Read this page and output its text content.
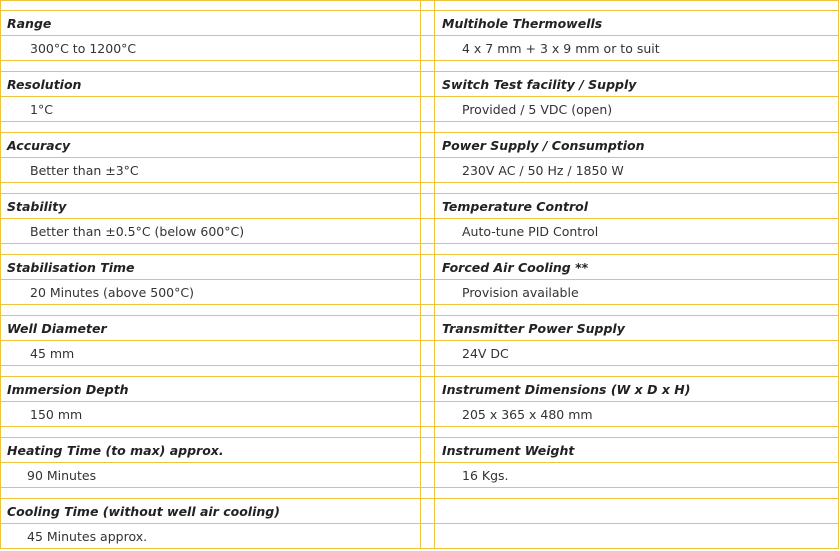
Range
300°C to 1200°C
Resolution
1°C
Accuracy
Better than ±3°C
Stability
Better than ±0.5°C (below 600°C)
Stabilisation Time
20 Minutes (above 500°C)
Well Diameter
45 mm
Immersion Depth
150 mm
Heating Time (to max) approx.
90 Minutes
Cooling Time (without well air cooling)
45 Minutes approx.
Multihole Thermowells
4 x 7 mm + 3 x 9 mm or to suit
Switch Test facility / Supply
Provided / 5 VDC (open)
Power Supply / Consumption
230V AC / 50 Hz / 1850 W
Temperature Control
Auto-tune PID Control
Forced Air Cooling **
Provision available
Transmitter Power Supply
24V DC
Instrument Dimensions (W x D x H)
205 x 365 x 480 mm
Instrument Weight
16 Kgs.
